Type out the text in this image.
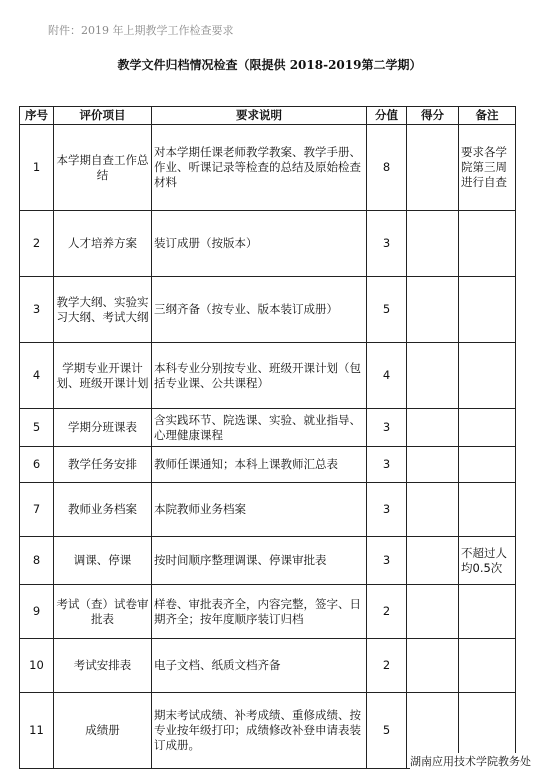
附件：2019 年上期教学工作检查要求
教学文件归档情况检查（限提供 2018-2019第二学期）
序号	评价项目	要求说明	分值	得分	备注
1	本学期自查工作总结	对本学期任课老师教学教案、教学手册、作业、听课记录等检查的总结及原始检查材料	8		要求各学院第三周进行自查
2	人才培养方案	装订成册（按版本）	3		
3	教学大纲、实验实习大纲、考试大纲	三纲齐备（按专业、版本装订成册）	5		
4	学期专业开课计划、班级开课计划	本科专业分别按专业、班级开课计划（包括专业课、公共课程）	4		
5	学期分班课表	含实践环节、院选课、实验、就业指导、心理健康课程	3		
6	教学任务安排	教师任课通知；本科上课教师汇总表	3		
7	教师业务档案	本院教师业务档案	3		
8	调课、停课	按时间顺序整理调课、停课审批表	3		不超过人均0.5次
9	考试（查）试卷审批表	样卷、审批表齐全，内容完整，签字、日期齐全；按年度顺序装订归档	2		
10	考试安排表	电子文档、纸质文档齐备	2		
11	成绩册	期末考试成绩、补考成绩、重修成绩、按专业按年级打印；成绩修改补登申请表装订成册。	5		
湖南应用技术学院教务处
